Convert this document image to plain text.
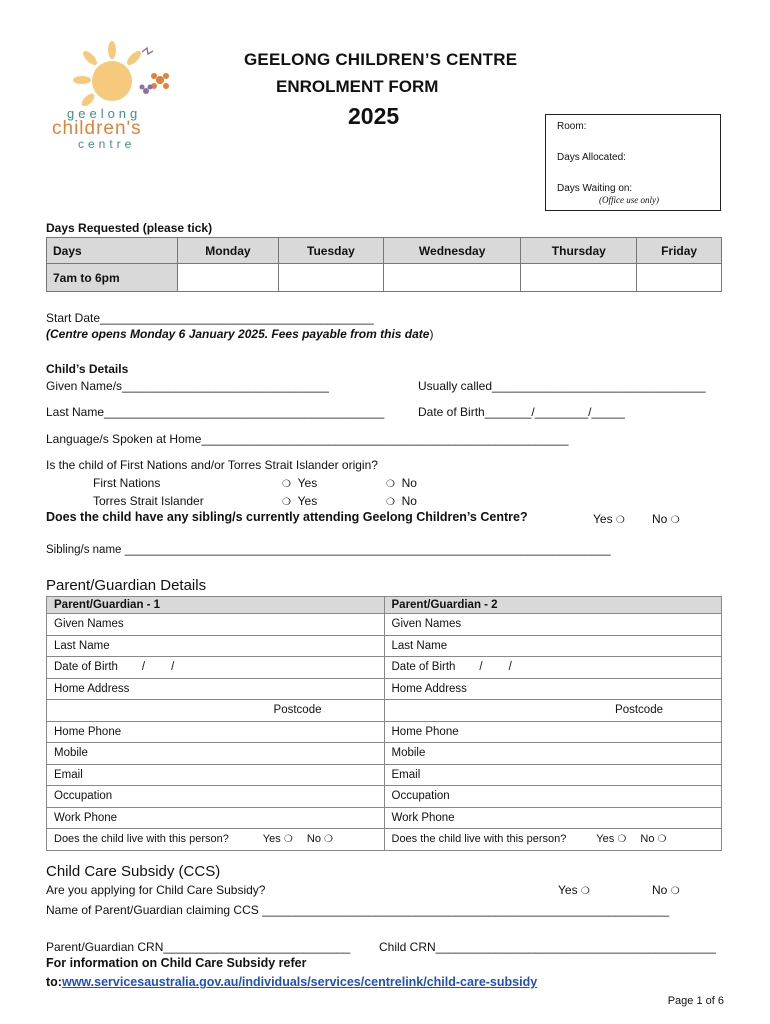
geelong
children's
centre
GEELONG CHILDREN’S CENTRE
ENROLMENT FORM
2025	Room:
Days Allocated:
Days Waiting on:
(Office use only)
Days Requested (please tick)
Days	Monday	Tuesday	Wednesday	Thursday	Friday
7am to 6pm					
Start Date_________________________________________
(Centre opens Monday 6 January 2025. Fees payable from this date)
Child’s Details
Given Name/s_______________________________	Usually called________________________________
Last Name__________________________________________	Date of Birth_______/________/_____
Language/s Spoken at Home_______________________________________________________
Is the child of First Nations and/or Torres Strait Islander origin?
First Nations	❍ Yes	❍ No
Torres Strait Islander	❍ Yes	❍ No
Does the child have any sibling/s currently attending Geelong Children’s Centre?	Yes ❍ No ❍
Sibling/s name ____________________________________________________________________________
Parent/Guardian Details
Parent/Guardian - 1	Parent/Guardian - 2
Given Names	Given Names
Last Name	Last Name
Date of Birth / /	Date of Birth / /
Home Address	Home Address
Postcode	Postcode
Home Phone	Home Phone
Mobile	Mobile
Email	Email
Occupation	Occupation
Work Phone	Work Phone
Does the child live with this person? Yes ❍ No ❍	Does the child live with this person? Yes ❍ No ❍
Child Care Subsidy (CCS)
Are you applying for Child Care Subsidy?	Yes ❍	No ❍
Name of Parent/Guardian claiming CCS _____________________________________________________________
Parent/Guardian CRN____________________________ Child CRN__________________________________________
For information on Child Care Subsidy refer
to:www.servicesaustralia.gov.au/individuals/services/centrelink/child-care-subsidy
Page 1 of 6
